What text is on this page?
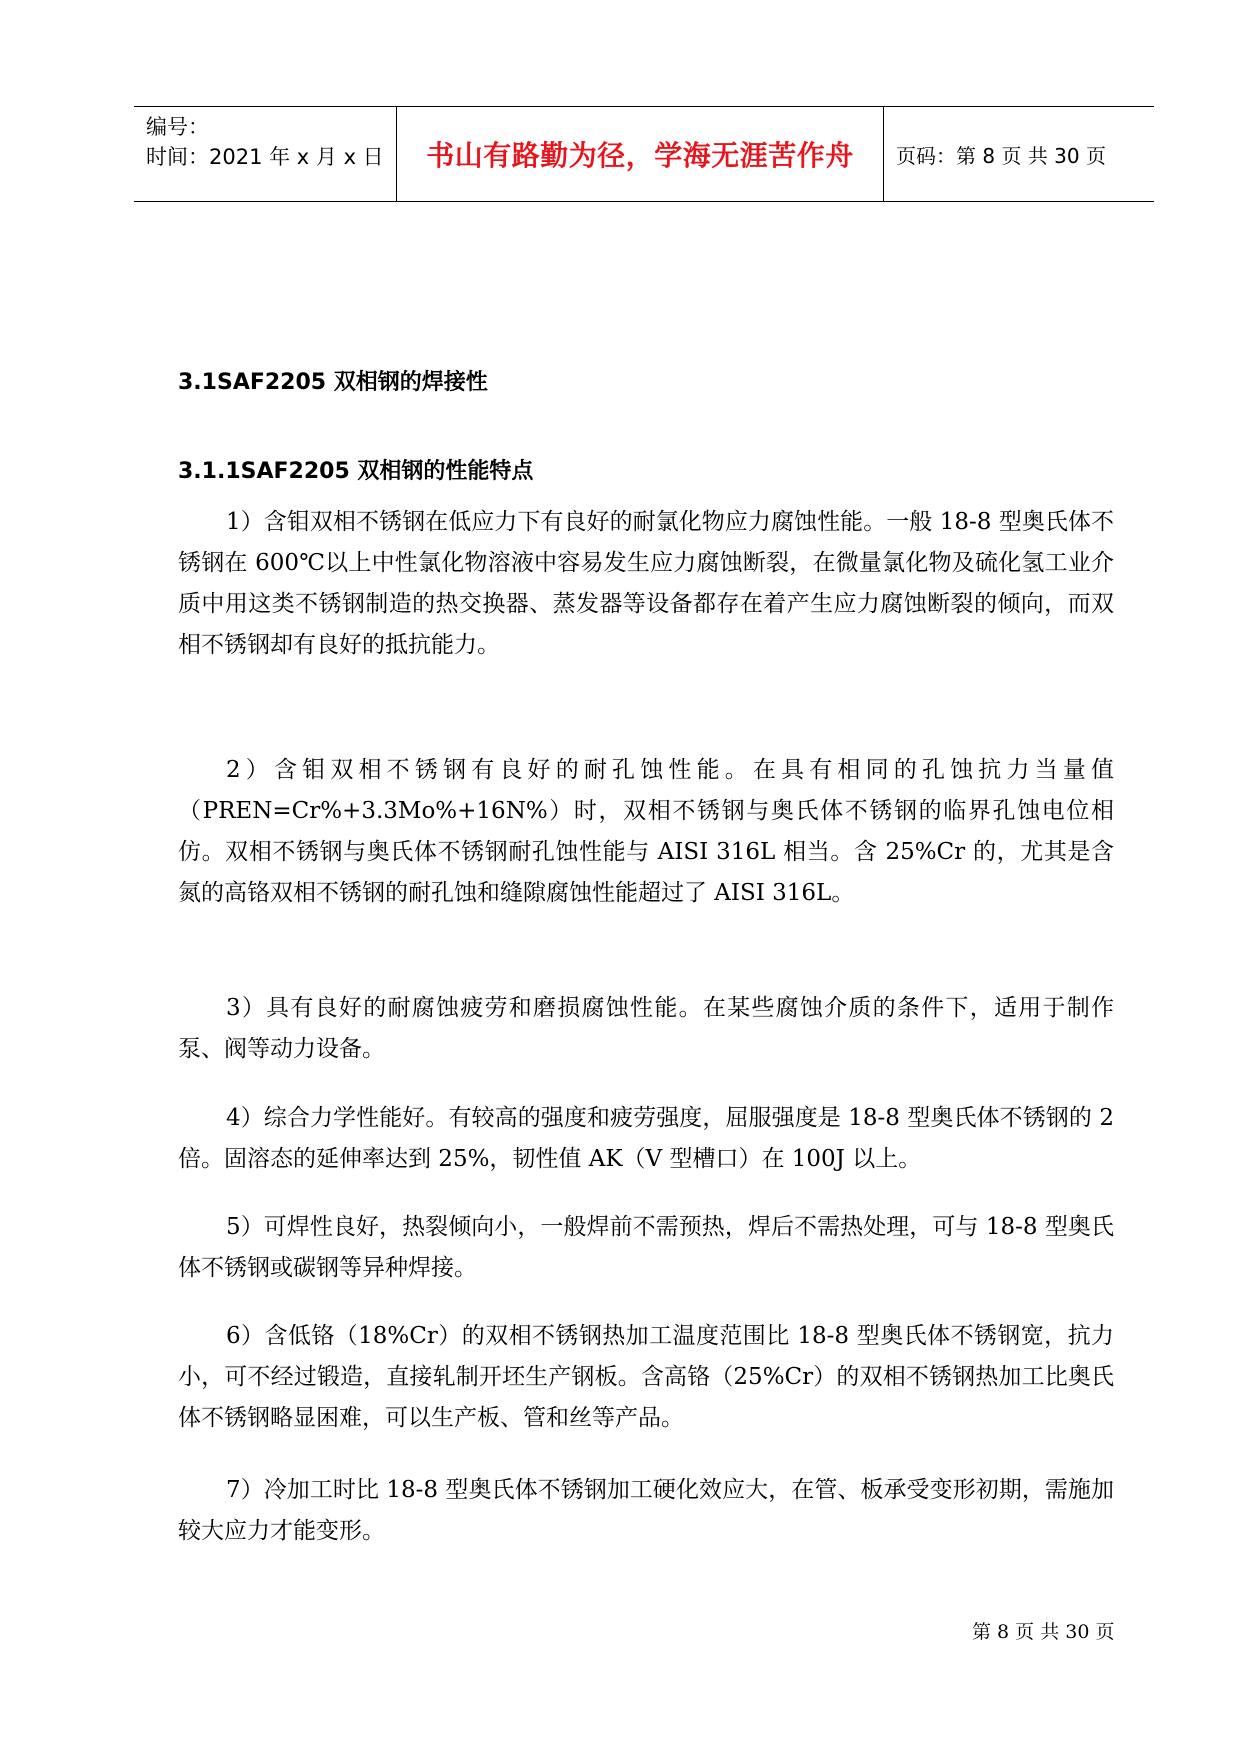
编号：
时间：2021 年 x 月 x 日 书山有路勤为径，学海无涯苦作舟 页码：第 8 页 共 30 页
3.1SAF2205 双相钢的焊接性
3.1.1SAF2205 双相钢的性能特点

1）含钼双相不锈钢在低应力下有良好的耐氯化物应力腐蚀性能。一般 18-8 型奥氏体不锈钢在 600℃以上中性氯化物溶液中容易发生应力腐蚀断裂，在微量氯化物及硫化氢工业介质中用这类不锈钢制造的热交换器、蒸发器等设备都存在着产生应力腐蚀断裂的倾向，而双相不锈钢却有良好的抵抗能力。

2）含钼双相不锈钢有良好的耐孔蚀性能。在具有相同的孔蚀抗力当量值（PREN=Cr%+3.3Mo%+16N%）时，双相不锈钢与奥氏体不锈钢的临界孔蚀电位相仿。双相不锈钢与奥氏体不锈钢耐孔蚀性能与 AISI 316L 相当。含 25%Cr 的，尤其是含氮的高铬双相不锈钢的耐孔蚀和缝隙腐蚀性能超过了 AISI 316L。

3）具有良好的耐腐蚀疲劳和磨损腐蚀性能。在某些腐蚀介质的条件下，适用于制作泵、阀等动力设备。

4）综合力学性能好。有较高的强度和疲劳强度，屈服强度是 18-8 型奥氏体不锈钢的 2 倍。固溶态的延伸率达到 25%，韧性值 AK（V 型槽口）在 100J 以上。

5）可焊性良好，热裂倾向小，一般焊前不需预热，焊后不需热处理，可与 18-8 型奥氏体不锈钢或碳钢等异种焊接。

6）含低铬（18%Cr）的双相不锈钢热加工温度范围比 18-8 型奥氏体不锈钢宽，抗力小，可不经过锻造，直接轧制开坯生产钢板。含高铬（25%Cr）的双相不锈钢热加工比奥氏体不锈钢略显困难，可以生产板、管和丝等产品。

7）冷加工时比 18-8 型奥氏体不锈钢加工硬化效应大，在管、板承受变形初期，需施加较大应力才能变形。

第 8 页 共 30 页
